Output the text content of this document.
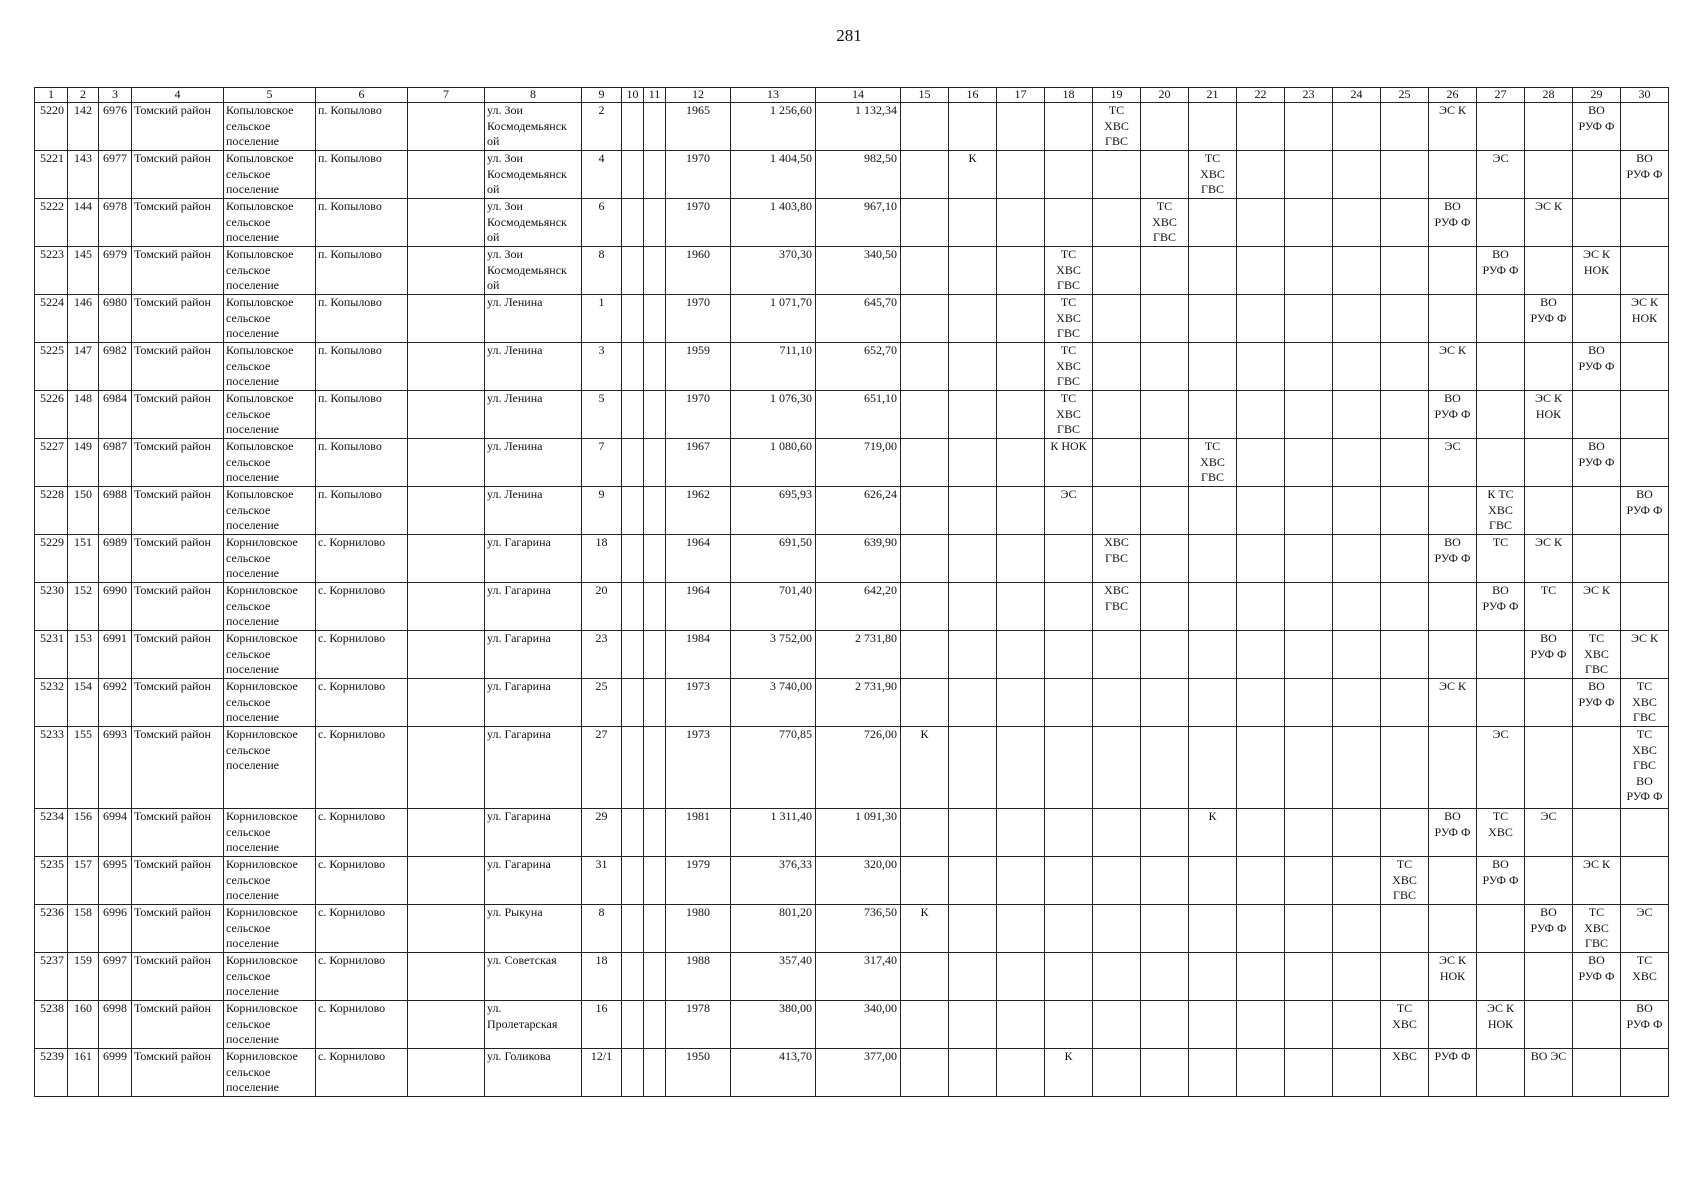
281
1	2	3	4	5	6	7	8	9	10	11	12	13	14	15	16	17	18	19	20	21	22	23	24	25	26	27	28	29	30
5220	142	6976	Томский район	Копыловское
сельское
поселение	п. Копылово		ул. Зои
Космодемьянск
ой	2			1965	1 256,60	1 132,34					ТС
ХВС
ГВС							ЭС К			ВО
РУФ Ф	
5221	143	6977	Томский район	Копыловское
сельское
поселение	п. Копылово		ул. Зои
Космодемьянск
ой	4			1970	1 404,50	982,50		К					ТС
ХВС
ГВС						ЭС			ВО
РУФ Ф
5222	144	6978	Томский район	Копыловское
сельское
поселение	п. Копылово		ул. Зои
Космодемьянск
ой	6			1970	1 403,80	967,10						ТС
ХВС
ГВС						ВО
РУФ Ф		ЭС К		
5223	145	6979	Томский район	Копыловское
сельское
поселение	п. Копылово		ул. Зои
Космодемьянск
ой	8			1960	370,30	340,50				ТС
ХВС
ГВС									ВО
РУФ Ф		ЭС К
НОК	
5224	146	6980	Томский район	Копыловское
сельское
поселение	п. Копылово		ул. Ленина	1			1970	1 071,70	645,70				ТС
ХВС
ГВС										ВО
РУФ Ф		ЭС К
НОК
5225	147	6982	Томский район	Копыловское
сельское
поселение	п. Копылово		ул. Ленина	3			1959	711,10	652,70				ТС
ХВС
ГВС								ЭС К			ВО
РУФ Ф	
5226	148	6984	Томский район	Копыловское
сельское
поселение	п. Копылово		ул. Ленина	5			1970	1 076,30	651,10				ТС
ХВС
ГВС								ВО
РУФ Ф		ЭС К
НОК		
5227	149	6987	Томский район	Копыловское
сельское
поселение	п. Копылово		ул. Ленина	7			1967	1 080,60	719,00				К НОК			ТС
ХВС
ГВС					ЭС			ВО
РУФ Ф	
5228	150	6988	Томский район	Копыловское
сельское
поселение	п. Копылово		ул. Ленина	9			1962	695,93	626,24				ЭС									К ТС
ХВС
ГВС			ВО
РУФ Ф
5229	151	6989	Томский район	Корниловское
сельское
поселение	с. Корнилово		ул. Гагарина	18			1964	691,50	639,90					ХВС
ГВС							ВО
РУФ Ф	ТС	ЭС К		
5230	152	6990	Томский район	Корниловское
сельское
поселение	с. Корнилово		ул. Гагарина	20			1964	701,40	642,20					ХВС
ГВС								ВО
РУФ Ф	ТС	ЭС К	
5231	153	6991	Томский район	Корниловское
сельское
поселение	с. Корнилово		ул. Гагарина	23			1984	3 752,00	2 731,80														ВО
РУФ Ф	ТС
ХВС
ГВС	ЭС К
5232	154	6992	Томский район	Корниловское
сельское
поселение	с. Корнилово		ул. Гагарина	25			1973	3 740,00	2 731,90												ЭС К			ВО
РУФ Ф	ТС
ХВС
ГВС
5233	155	6993	Томский район	Корниловское
сельское
поселение	с. Корнилово		ул. Гагарина	27			1973	770,85	726,00	К												ЭС			ТС
ХВС
ГВС
ВО
РУФ Ф
5234	156	6994	Томский район	Корниловское
сельское
поселение	с. Корнилово		ул. Гагарина	29			1981	1 311,40	1 091,30							К					ВО
РУФ Ф	ТС
ХВС	ЭС		
5235	157	6995	Томский район	Корниловское
сельское
поселение	с. Корнилово		ул. Гагарина	31			1979	376,33	320,00											ТС
ХВС
ГВС		ВО
РУФ Ф		ЭС К	
5236	158	6996	Томский район	Корниловское
сельское
поселение	с. Корнилово		ул. Рыкуна	8			1980	801,20	736,50	К													ВО
РУФ Ф	ТС
ХВС
ГВС	ЭС
5237	159	6997	Томский район	Корниловское
сельское
поселение	с. Корнилово		ул. Советская	18			1988	357,40	317,40												ЭС К
НОК			ВО
РУФ Ф	ТС
ХВС
5238	160	6998	Томский район	Корниловское
сельское
поселение	с. Корнилово		ул.
Пролетарская	16			1978	380,00	340,00											ТС
ХВС		ЭС К
НОК			ВО
РУФ Ф
5239	161	6999	Томский район	Корниловское
сельское
поселение	с. Корнилово		ул. Голикова	12/1			1950	413,70	377,00				К							ХВС	РУФ Ф		ВО ЭС		
